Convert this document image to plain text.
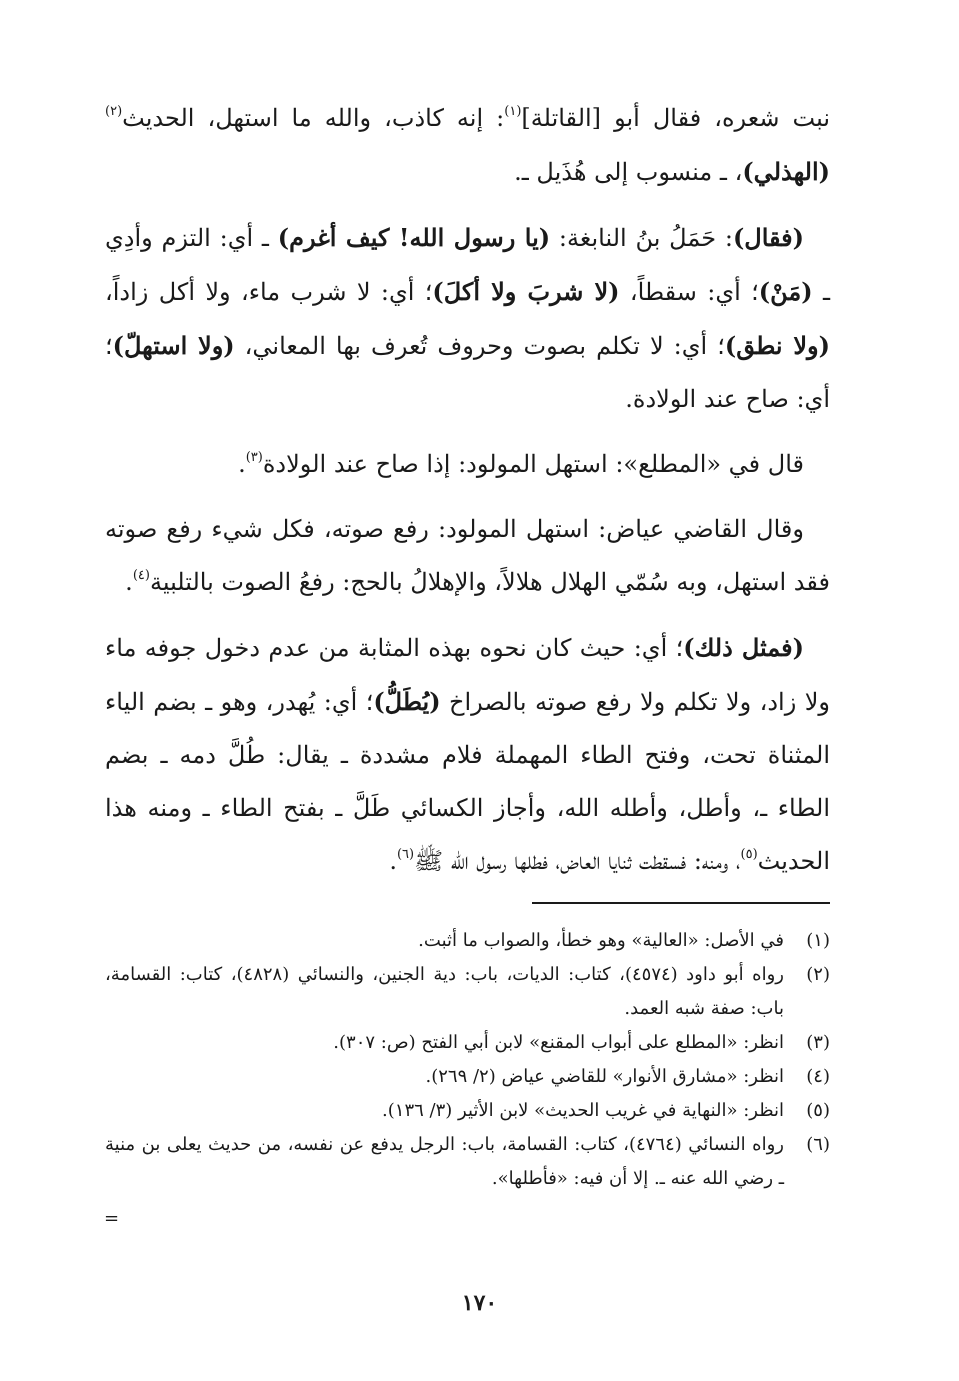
نبت شعره، فقال أبو [القاتلة]$^{(١)}$: إنه كاذب، والله ما استهل، الحديث$^{(٢)}$ (الهذلي)، ـ منسوب إلى هُذَيل ـ.

(فقال): حَمَلُ بنُ النابغة: (يا رسول الله! كيف أغرم) ـ أي: التزم وأدِي ـ (مَنْ)؛ أي: سقطاً، (لا شربَ ولا أكلَ)؛ أي: لا شرب ماء، ولا أكل زاداً، (ولا نطق)؛ أي: لا تكلم بصوت وحروف تُعرف بها المعاني، (ولا استهلّ)؛ أي: صاح عند الولادة.

قال في «المطلع»: استهل المولود: إذا صاح عند الولادة$^{(٣)}$.

وقال القاضي عياض: استهل المولود: رفع صوته، فكل شيء رفع صوته فقد استهل، وبه سُمّي الهلال هلالاً، والإهلالُ بالحج: رفعُ الصوت بالتلبية$^{(٤)}$.

(فمثل ذلك)؛ أي: حيث كان نحوه بهذه المثابة من عدم دخول جوفه ماء ولا زاد، ولا تكلم ولا رفع صوته بالصراخ (يُطَلُّ)؛ أي: يُهدر، وهو ـ بضم الياء المثناة تحت، وفتح الطاء المهملة فلام مشددة ـ يقال: طُلَّ دمه ـ بضم الطاء ـ، وأطل، وأطله الله، وأجاز الكسائي طَلَّ ـ بفتح الطاء ـ ومنه هذا الحديث$^{(٥)}$، ومنه: فسقطت ثنايا العاض، فطلها رسول الله ﷺ$^{(٦)}$.

(١)
في الأصل: «العالية» وهو خطأ، والصواب ما أثبت.
(٢)
رواه أبو داود (٤٥٧٤)، كتاب: الديات، باب: دية الجنين، والنسائي (٤٨٢٨)، كتاب: القسامة، باب: صفة شبه العمد.
(٣)
انظر: «المطلع على أبواب المقنع» لابن أبي الفتح (ص: ٣٠٧).
(٤)
انظر: «مشارق الأنوار» للقاضي عياض (٢/ ٢٦٩).
(٥)
انظر: «النهاية في غريب الحديث» لابن الأثير (٣/ ١٣٦).
(٦)
رواه النسائي (٤٧٦٤)، كتاب: القسامة، باب: الرجل يدفع عن نفسه، من حديث يعلى بن منية ـ رضي الله عنه ـ. إلا أن فيه: «فأطلها».
=
١٧٠
